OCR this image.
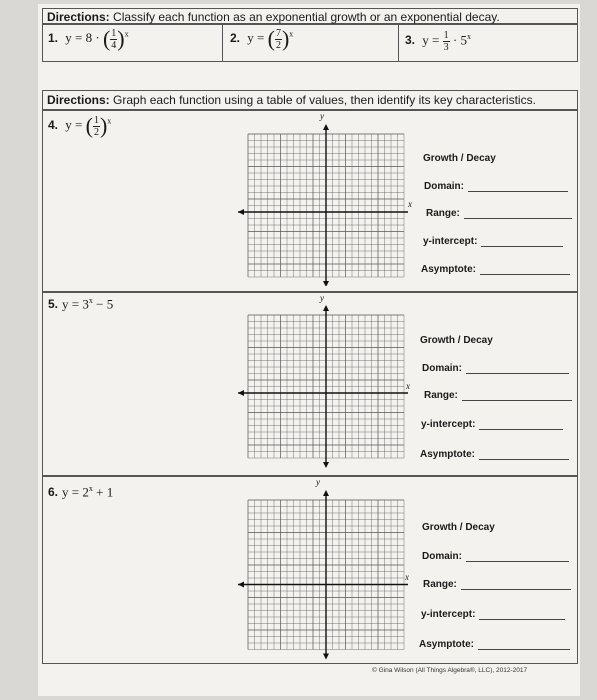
Directions: Classify each function as an exponential growth or an exponential decay.
1. y = 8 · ( $\frac{1}{4} )^x$	2. y = ( $\frac{7}{2} )^x$	3. $y = \frac{1}{3} \cdot 5^x$
Directions: Graph each function using a table of values, then identify its key characteristics.
4. y = ( $\frac{1}{2} )^x$
5. $y = 3^x - 5$
6. $y = 2^x + 1$
y
x
y
x
y
x
Growth / Decay
Domain:
Range:
y-intercept:
Asymptote:
Growth / Decay
Domain:
Range:
y-intercept:
Asymptote:
Growth / Decay
Domain:
Range:
y-intercept:
Asymptote:
© Gina Wilson (All Things Algebra®, LLC), 2012-2017
